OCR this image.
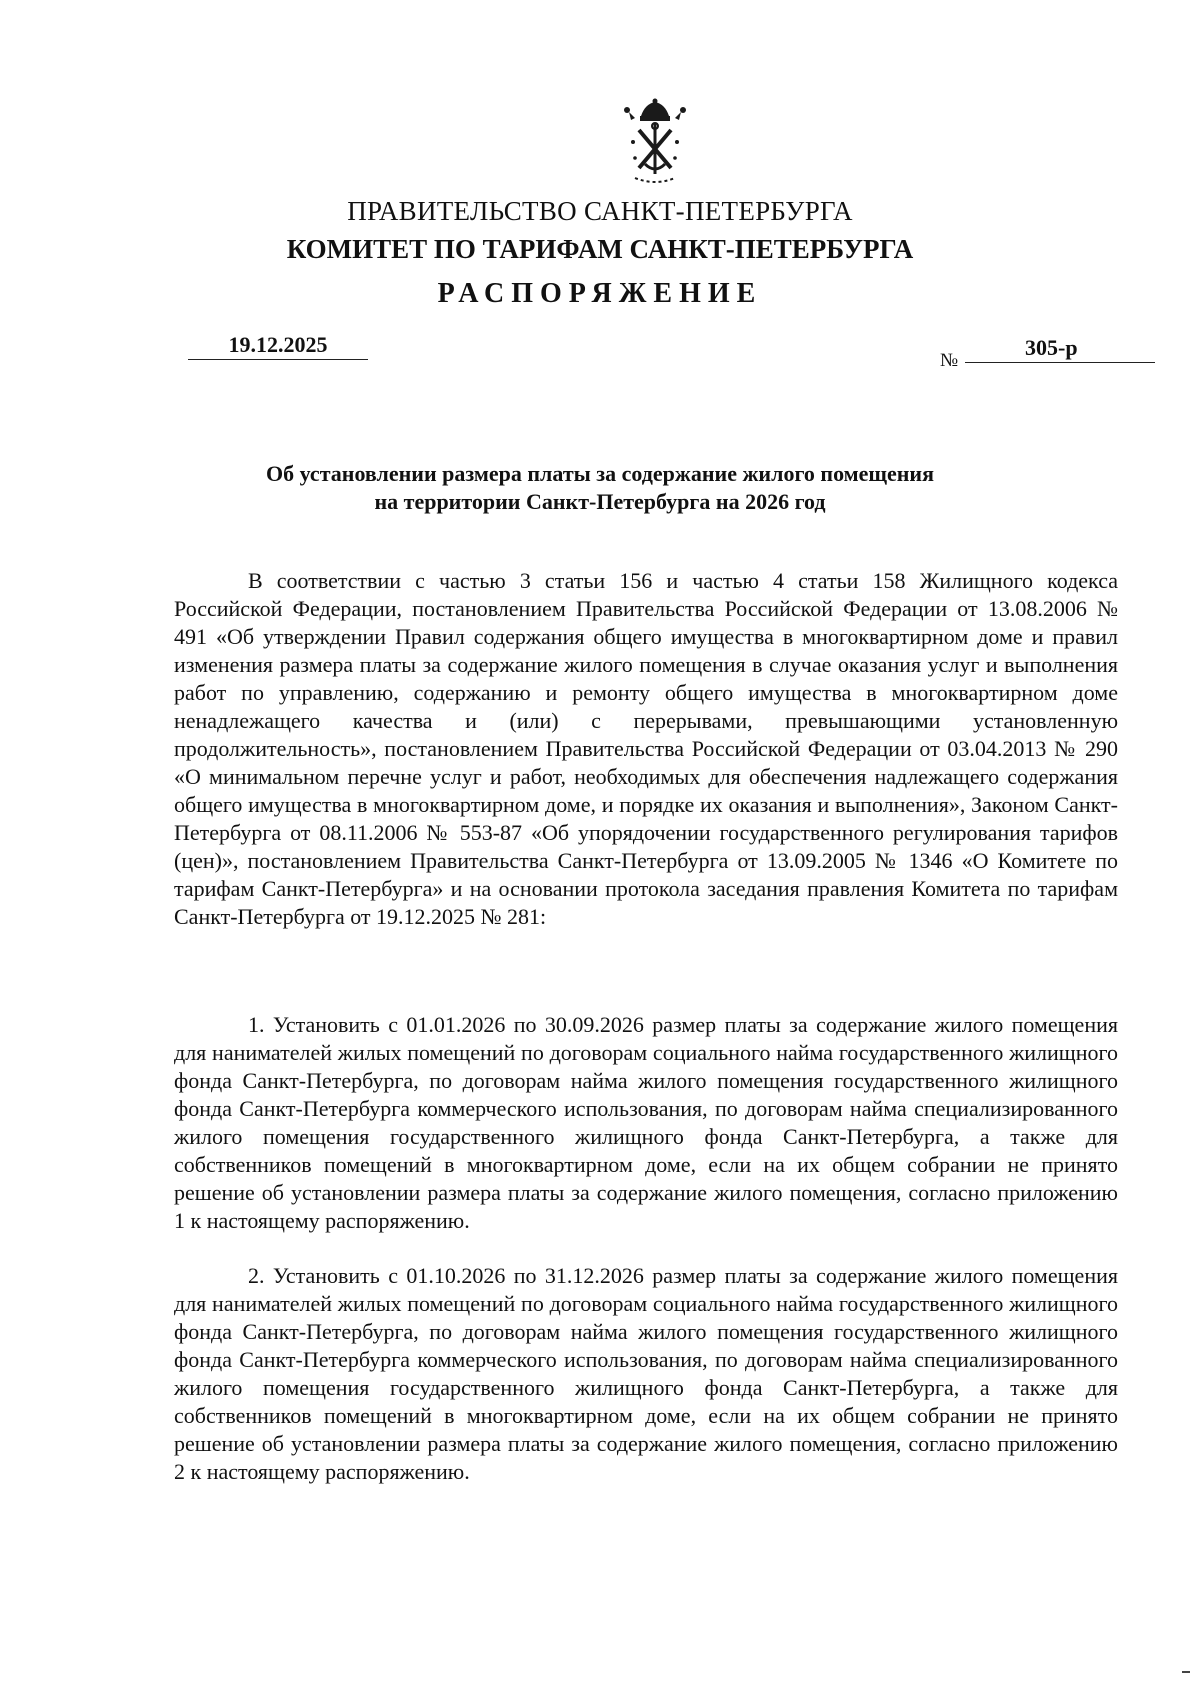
ПРАВИТЕЛЬСТВО САНКТ-ПЕТЕРБУРГА
КОМИТЕТ ПО ТАРИФАМ САНКТ-ПЕТЕРБУРГА
РАСПОРЯЖЕНИЕ
19.12.2025
№
305-р
Об установлении размера платы за содержание жилого помещения
на территории Санкт-Петербурга на 2026 год
В соответствии с частью 3 статьи 156 и частью 4 статьи 158 Жилищного кодекса Российской Федерации, постановлением Правительства Российской Федерации от 13.08.2006 № 491 «Об утверждении Правил содержания общего имущества в многоквартирном доме и правил изменения размера платы за содержание жилого помещения в случае оказания услуг и выполнения работ по управлению, содержанию и ремонту общего имущества в многоквартирном доме ненадлежащего качества и (или) с перерывами, превышающими установленную продолжительность», постановлением Правительства Российской Федерации от 03.04.2013 № 290 «О минимальном перечне услуг и работ, необходимых для обеспечения надлежащего содержания общего имущества в многоквартирном доме, и порядке их оказания и выполнения», Законом Санкт-Петербурга от 08.11.2006 № 553-87 «Об упорядочении государственного регулирования тарифов (цен)», постановлением Правительства Санкт-Петербурга от 13.09.2005 № 1346 «О Комитете по тарифам Санкт-Петербурга» и на основании протокола заседания правления Комитета по тарифам Санкт-Петербурга от 19.12.2025 № 281:
1. Установить с 01.01.2026 по 30.09.2026 размер платы за содержание жилого помещения для нанимателей жилых помещений по договорам социального найма государственного жилищного фонда Санкт-Петербурга, по договорам найма жилого помещения государственного жилищного фонда Санкт-Петербурга коммерческого использования, по договорам найма специализированного жилого помещения государственного жилищного фонда Санкт-Петербурга, а также для собственников помещений в многоквартирном доме, если на их общем собрании не принято решение об установлении размера платы за содержание жилого помещения, согласно приложению 1 к настоящему распоряжению.
2. Установить с 01.10.2026 по 31.12.2026 размер платы за содержание жилого помещения для нанимателей жилых помещений по договорам социального найма государственного жилищного фонда Санкт-Петербурга, по договорам найма жилого помещения государственного жилищного фонда Санкт-Петербурга коммерческого использования, по договорам найма специализированного жилого помещения государственного жилищного фонда Санкт-Петербурга, а также для собственников помещений в многоквартирном доме, если на их общем собрании не принято решение об установлении размера платы за содержание жилого помещения, согласно приложению 2 к настоящему распоряжению.
